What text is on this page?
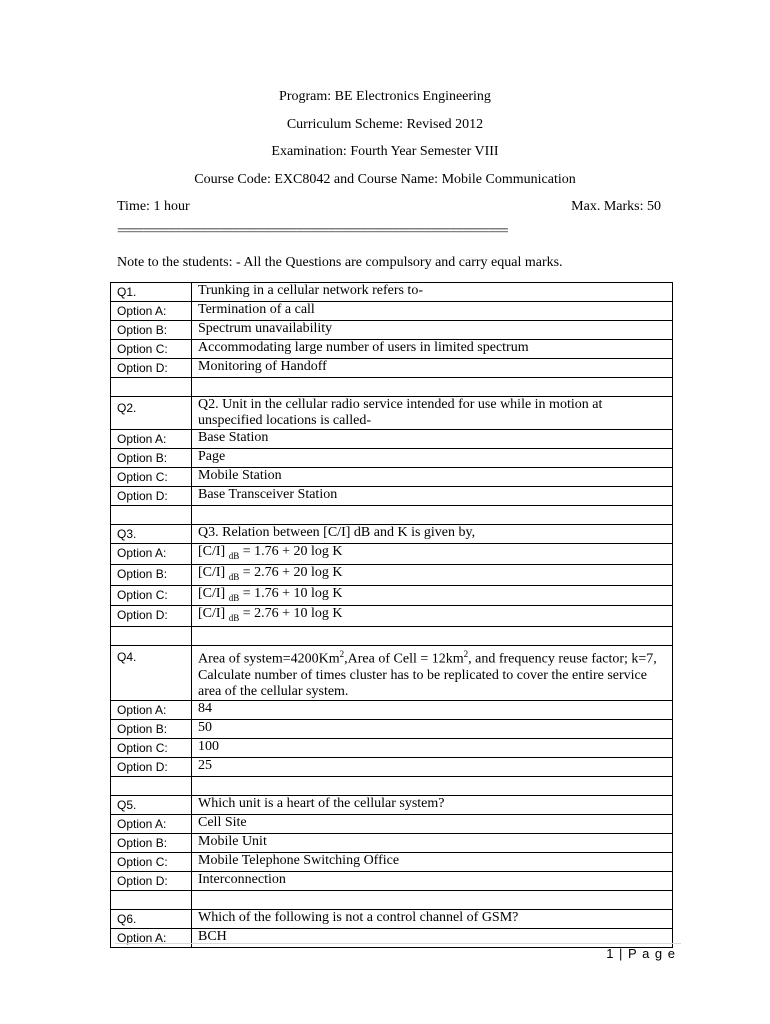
Program: BE Electronics Engineering
Curriculum Scheme: Revised 2012
Examination: Fourth Year Semester VIII
Course Code: EXC8042 and Course Name: Mobile Communication
Time: 1 hour	Max. Marks: 50
=============================================================
Note to the students: - All the Questions are compulsory and carry equal marks.
Q1.	Trunking in a cellular network refers to-
Option A:	Termination of a call
Option B:	Spectrum unavailability
Option C:	Accommodating large number of users in limited spectrum
Option D:	Monitoring of Handoff

Q2.	Q2. Unit in the cellular radio service intended for use while in motion at unspecified locations is called-
Option A:	Base Station
Option B:	Page
Option C:	Mobile Station
Option D:	Base Transceiver Station

Q3.	Q3. Relation between [C/I] dB and K is given by,
Option A:	[C/I] $_{dB}$ = 1.76 + 20 log K
Option B:	[C/I] $_{dB}$ = 2.76 + 20 log K
Option C:	[C/I] $_{dB}$ = 1.76 + 10 log K
Option D:	[C/I] $_{dB}$ = 2.76 + 10 log K

Q4.	Area of $system=4200Km^2,Area$ of Cell = $12km^2$, and frequency reuse factor; k=7, Calculate number of times cluster has to be replicated to cover the entire service area of the cellular system.
Option A:	84
Option B:	50
Option C:	100
Option D:	25

Q5.	Which unit is a heart of the cellular system?
Option A:	Cell Site
Option B:	Mobile Unit
Option C:	Mobile Telephone Switching Office
Option D:	Interconnection

Q6.	Which of the following is not a control channel of GSM?
Option A:	BCH
1 | P a g e
